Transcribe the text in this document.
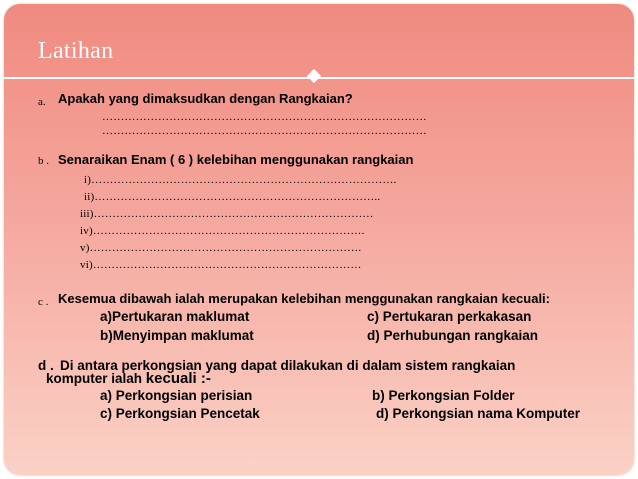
Latihan
a. Apakah yang dimaksudkan dengan Rangkaian?
……………………………………………………………………………
……………………………………………………………………………
b . Senaraikan Enam ( 6 ) kelebihan menggunakan rangkaian
i)……………………………………………………………………….
ii)…………………………………………………………………..
iii)…………………………………………………………………
iv)……………………………………………………………….
v)……………………………………………………………….
vi)………………………………………………………………
c . Kesemua dibawah ialah merupakan kelebihan menggunakan rangkaian kecuali:
a)Pertukaran maklumat	c) Pertukaran perkakasan
b)Menyimpan maklumat	d) Perhubungan rangkaian
d . Di antara perkongsian yang dapat dilakukan di dalam sistem rangkaian
komputer ialah kecuali :-
a) Perkongsian perisian	b) Perkongsian Folder
c) Perkongsian Pencetak	d) Perkongsian nama Komputer
